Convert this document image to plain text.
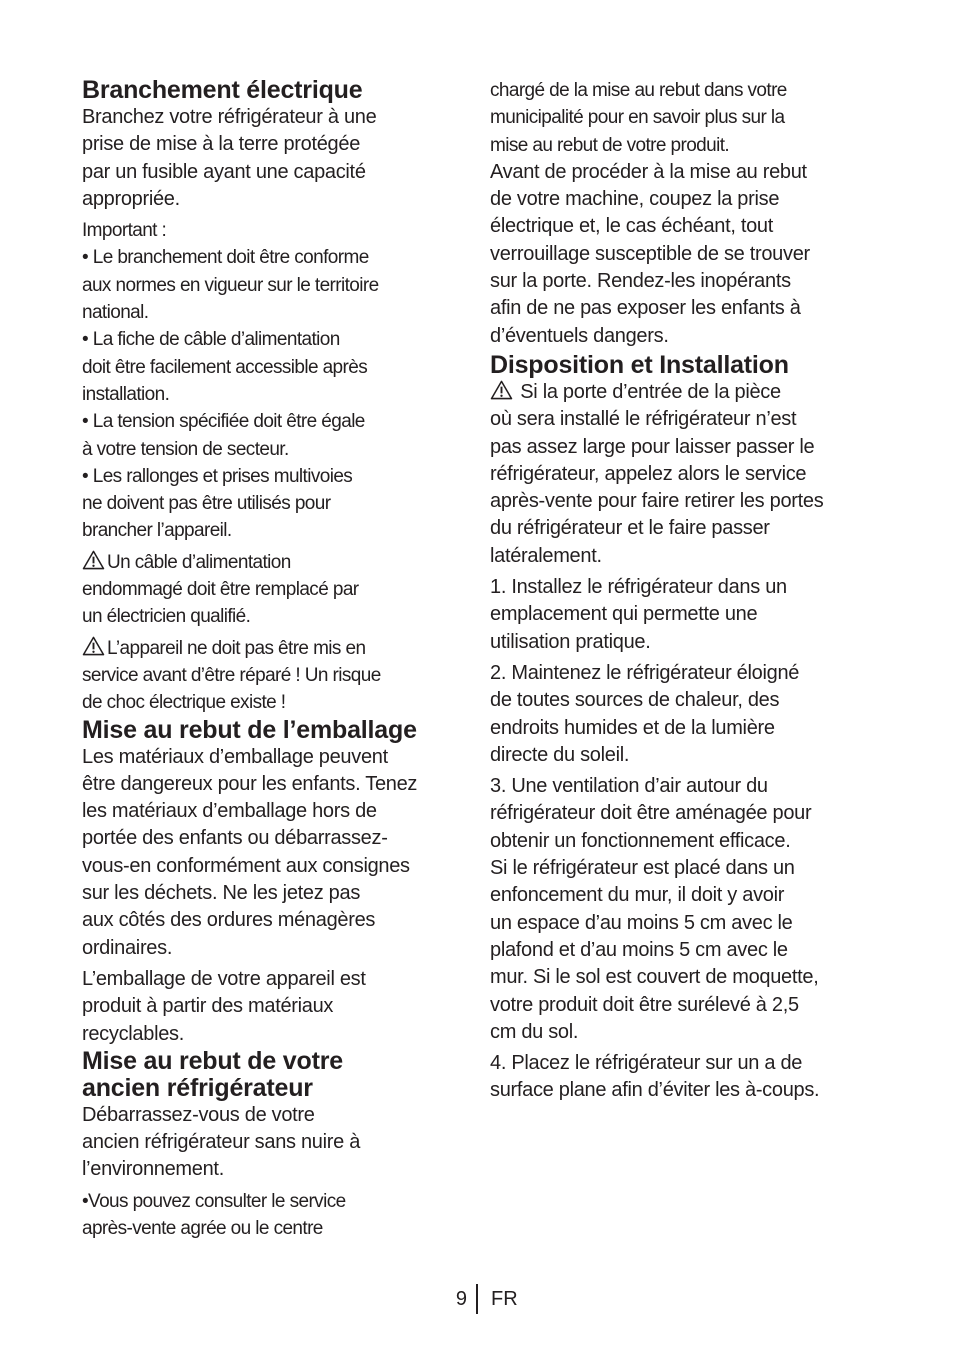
Branchement électrique

Branchez votre réfrigérateur à une
prise de mise à la terre protégée
par un fusible ayant une capacité
appropriée.

Important :

• Le branchement doit être conforme
aux normes en vigueur sur le territoire
national.

• La fiche de câble d’alimentation
doit être facilement accessible après
installation.

• La tension spécifiée doit être égale
à votre tension de secteur.

• Les rallonges et prises multivoies
ne doivent pas être utilisés pour
brancher l’appareil.

Un câble d’alimentation
endommagé doit être remplacé par
un électricien qualifié.

L’appareil ne doit pas être mis en
service avant d’être réparé ! Un risque
de choc électrique existe !

Mise au rebut de l’emballage

Les matériaux d’emballage peuvent
être dangereux pour les enfants. Tenez
les matériaux d’emballage hors de
portée des enfants ou débarrassez-
vous-en conformément aux consignes
sur les déchets. Ne les jetez pas
aux côtés des ordures ménagères
ordinaires.

L’emballage de votre appareil est
produit à partir des matériaux
recyclables.

Mise au rebut de votre
ancien réfrigérateur

Débarrassez-vous de votre
ancien réfrigérateur sans nuire à
l’environnement.

•Vous pouvez consulter le service
après-vente agrée ou le centre

chargé de la mise au rebut dans votre
municipalité pour en savoir plus sur la
mise au rebut de votre produit.

Avant de procéder à la mise au rebut
de votre machine, coupez la prise
électrique et, le cas échéant, tout
verrouillage susceptible de se trouver
sur la porte. Rendez-les inopérants
afin de ne pas exposer les enfants à
d’éventuels dangers.

Disposition et Installation

Si la porte d’entrée de la pièce
où sera installé le réfrigérateur n’est
pas assez large pour laisser passer le
réfrigérateur, appelez alors le service
après-vente pour faire retirer les portes
du réfrigérateur et le faire passer
latéralement.

1. Installez le réfrigérateur dans un
emplacement qui permette une
utilisation pratique.

2. Maintenez le réfrigérateur éloigné
de toutes sources de chaleur, des
endroits humides et de la lumière
directe du soleil.

3. Une ventilation d’air autour du
réfrigérateur doit être aménagée pour
obtenir un fonctionnement efficace.

Si le réfrigérateur est placé dans un
enfoncement du mur, il doit y avoir
un espace d’au moins 5 cm avec le
plafond et d’au moins 5 cm avec le
mur. Si le sol est couvert de moquette,
votre produit doit être surélevé à 2,5
cm du sol.

4. Placez le réfrigérateur sur un a de
surface plane afin d’éviter les à-coups.

9 FR
